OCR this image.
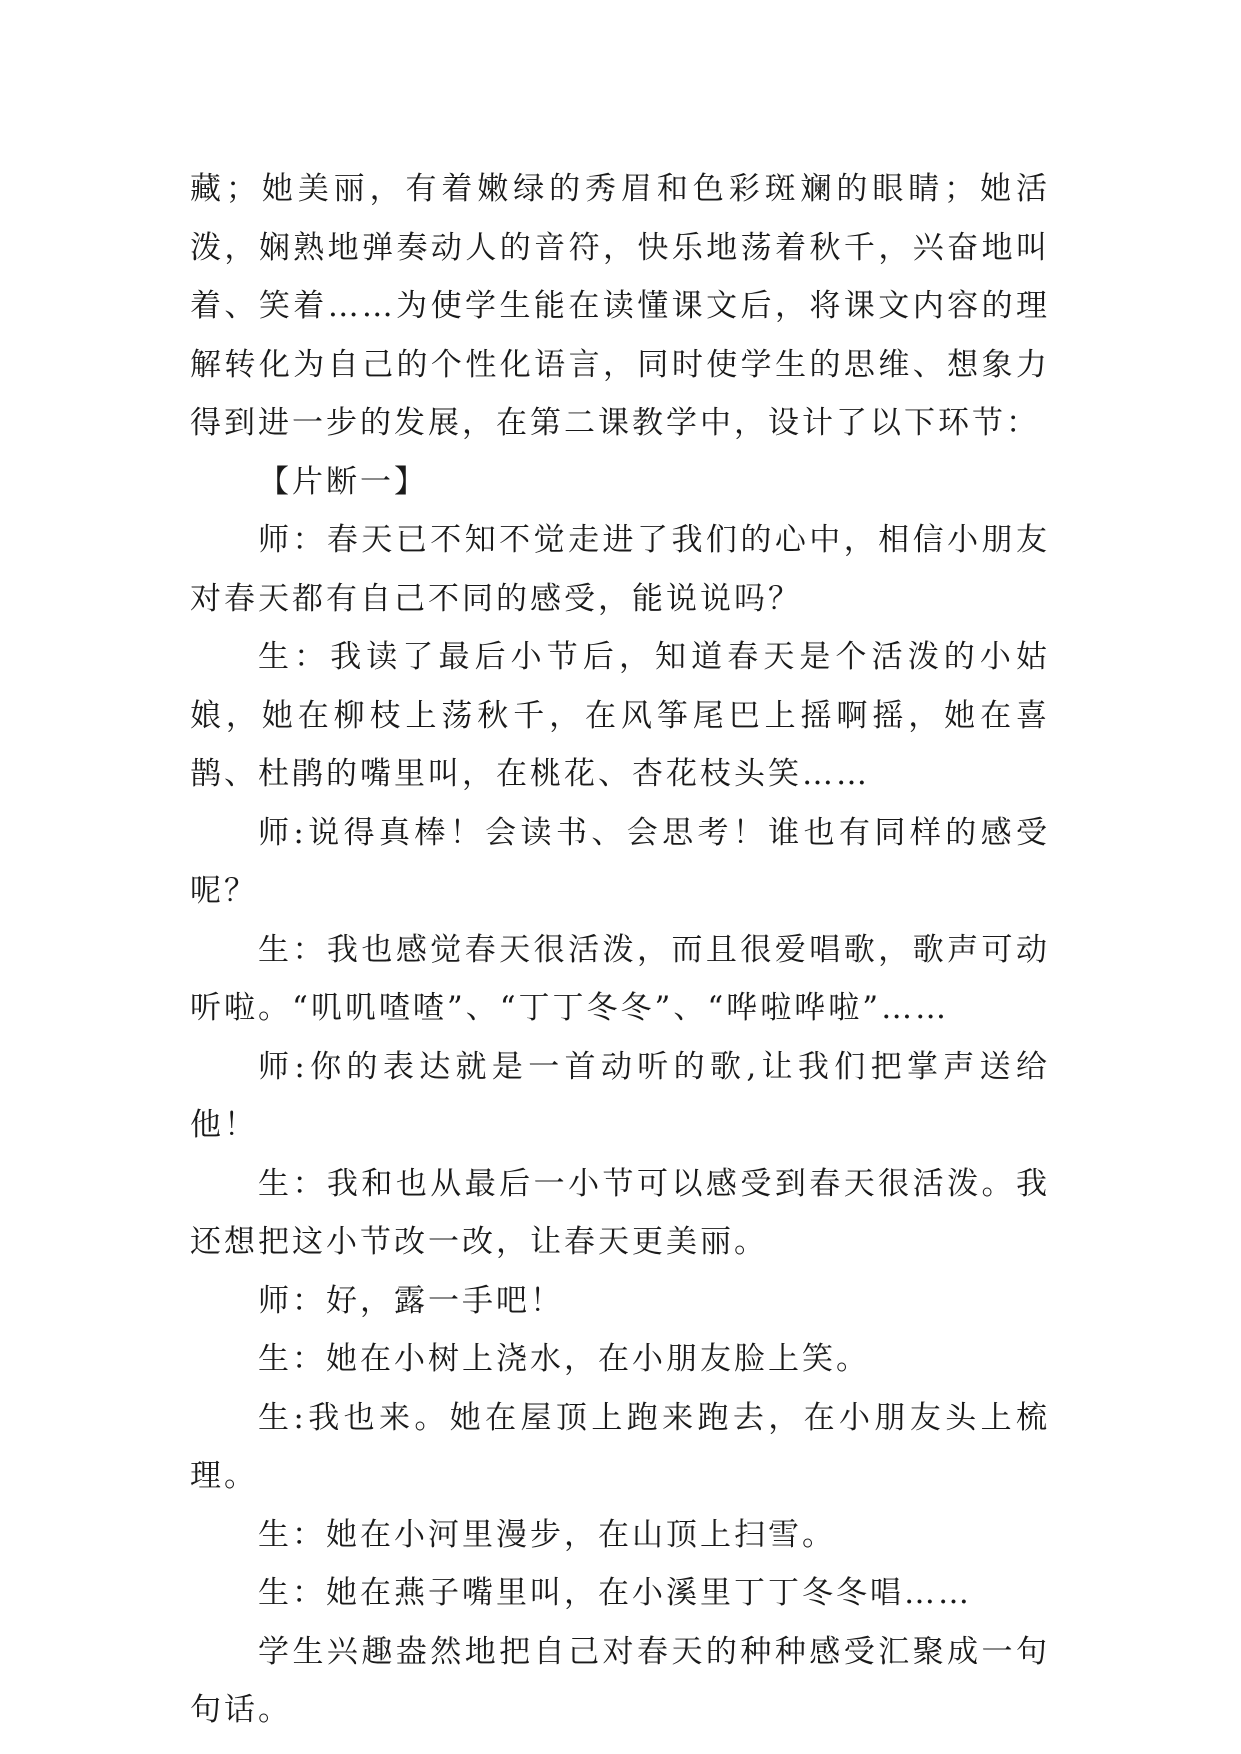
藏；她美丽，有着嫩绿的秀眉和色彩斑斓的眼睛；她活泼，娴熟地弹奏动人的音符，快乐地荡着秋千，兴奋地叫着、笑着……为使学生能在读懂课文后，将课文内容的理解转化为自己的个性化语言，同时使学生的思维、想象力得到进一步的发展，在第二课教学中，设计了以下环节：

【片断一】

师：春天已不知不觉走进了我们的心中，相信小朋友对春天都有自己不同的感受，能说说吗？

生：我读了最后小节后，知道春天是个活泼的小姑娘，她在柳枝上荡秋千，在风筝尾巴上摇啊摇，她在喜鹊、杜鹃的嘴里叫，在桃花、杏花枝头笑……

师:说得真棒！会读书、会思考！谁也有同样的感受呢？

生：我也感觉春天很活泼，而且很爱唱歌，歌声可动听啦。“叽叽喳喳”、“丁丁冬冬”、“哗啦哗啦”……

师:你的表达就是一首动听的歌,让我们把掌声送给他！

生：我和也从最后一小节可以感受到春天很活泼。我还想把这小节改一改，让春天更美丽。

师：好，露一手吧！

生：她在小树上浇水，在小朋友脸上笑。

生:我也来。她在屋顶上跑来跑去，在小朋友头上梳理。

生：她在小河里漫步，在山顶上扫雪。

生：她在燕子嘴里叫，在小溪里丁丁冬冬唱……

学生兴趣盎然地把自己对春天的种种感受汇聚成一句句话。
